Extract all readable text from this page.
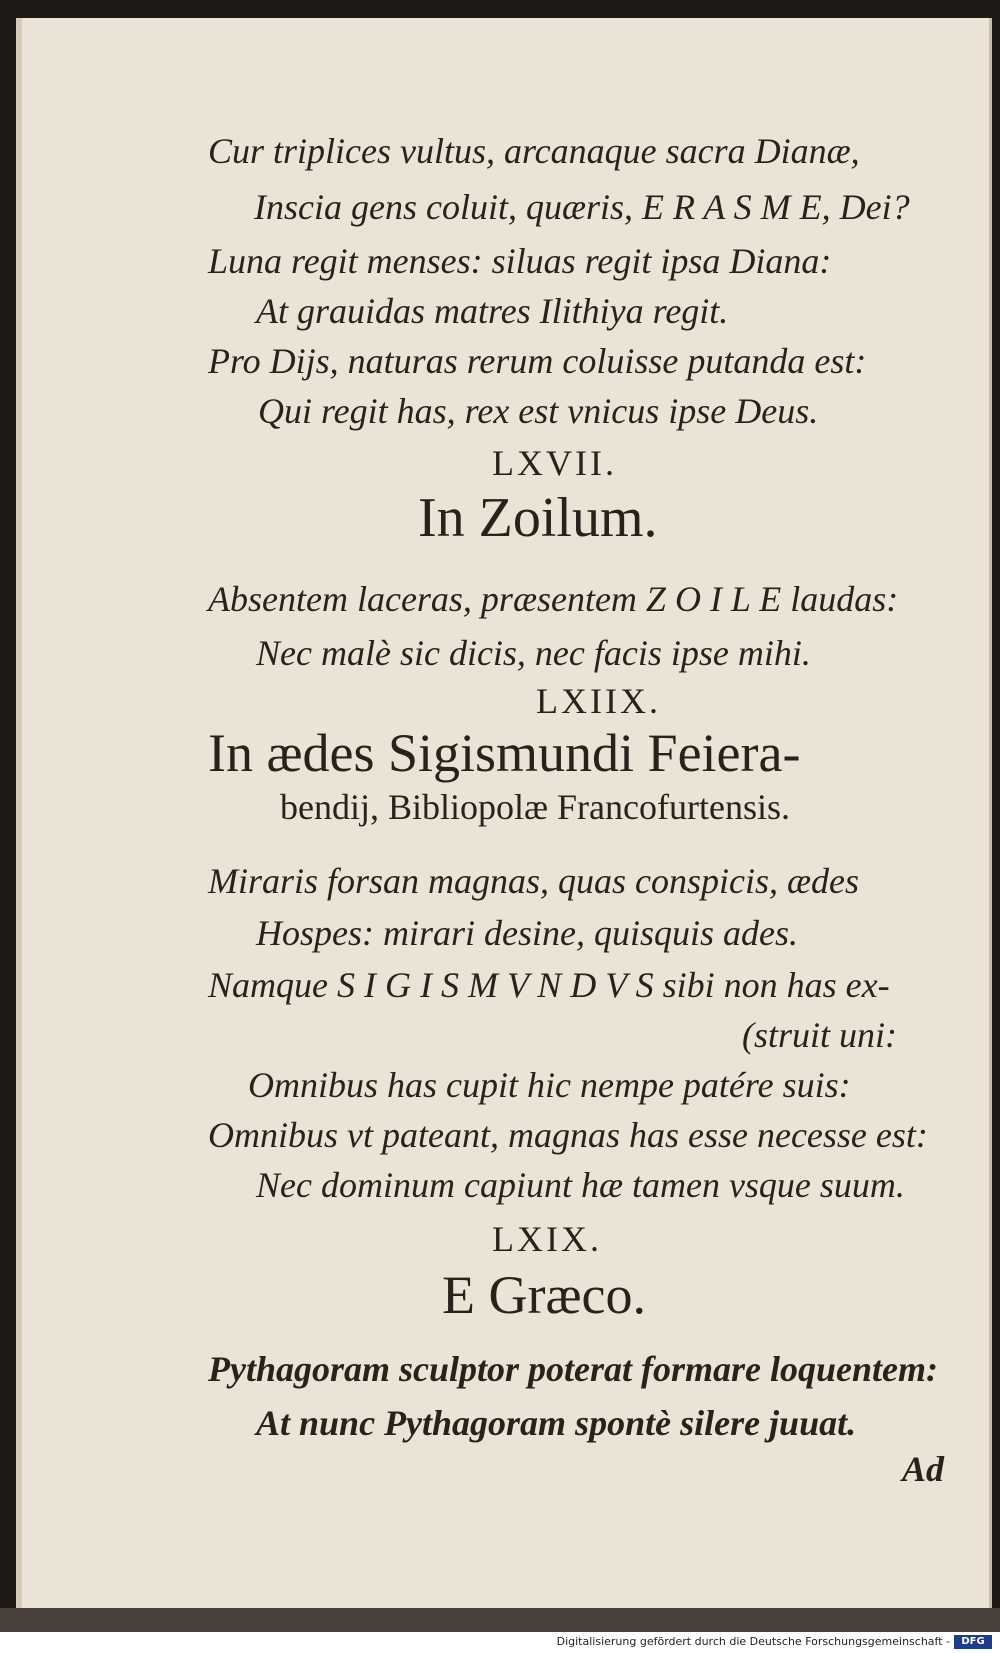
Cur triplices vultus, arcanaque sacra Dianæ,
Inscia gens coluit, quæris, E R A S M E, Dei?
Luna regit menses: siluas regit ipsa Diana:
At grauidas matres Ilithiya regit.
Pro Dijs, naturas rerum coluisse putanda est:
Qui regit has, rex est vnicus ipse Deus.
LXVII.
In Zoilum.
Absentem laceras, præsentem Z O I L E laudas:
Nec malè sic dicis, nec facis ipse mihi.
LXIIX.
In ædes Sigismundi Feiera-
bendij, Bibliopolæ Francofurtensis.
Miraris forsan magnas, quas conspicis, ædes
Hospes: mirari desine, quisquis ades.
Namque S I G I S M V N D V S sibi non has ex-
(struit uni:
Omnibus has cupit hic nempe patére suis:
Omnibus vt pateant, magnas has esse necesse est:
Nec dominum capiunt hæ tamen vsque suum.
LXIX.
E Græco.
Pythagoram sculptor poterat formare loquentem:
At nunc Pythagoram spontè silere juuat.
Ad
Digitalisierung gefördert durch die Deutsche Forschungsgemeinschaft -	DFG
